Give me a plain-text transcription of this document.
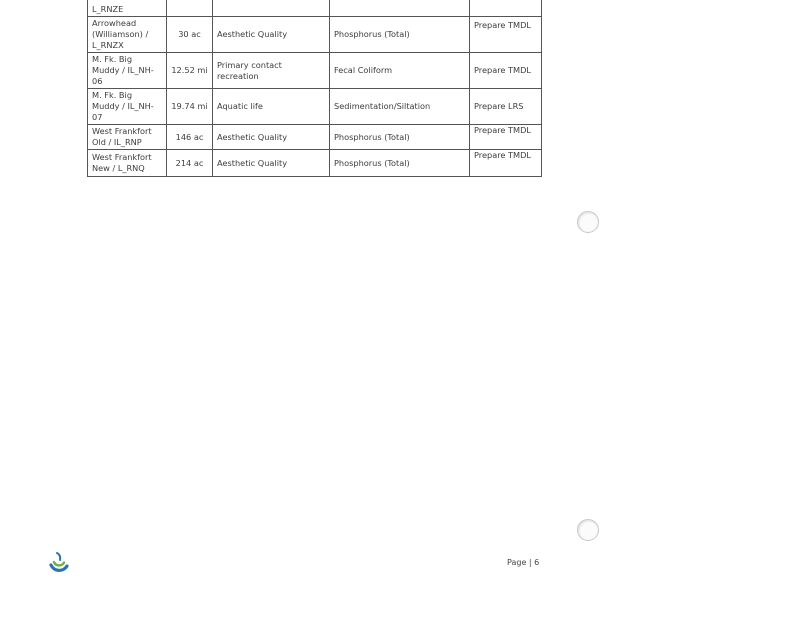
L_RNZE				
Arrowhead (Williamson) / L_RNZX	30 ac	Aesthetic Quality	Phosphorus (Total)	Prepare TMDL
M. Fk. Big Muddy / IL_NH-06	12.52 mi	Primary contact recreation	Fecal Coliform	Prepare TMDL
M. Fk. Big Muddy / IL_NH-07	19.74 mi	Aquatic life	Sedimentation/Siltation	Prepare LRS
West Frankfort Old / IL_RNP	146 ac	Aesthetic Quality	Phosphorus (Total)	Prepare TMDL
West Frankfort New / L_RNQ	214 ac	Aesthetic Quality	Phosphorus (Total)	Prepare TMDL
Page | 6
